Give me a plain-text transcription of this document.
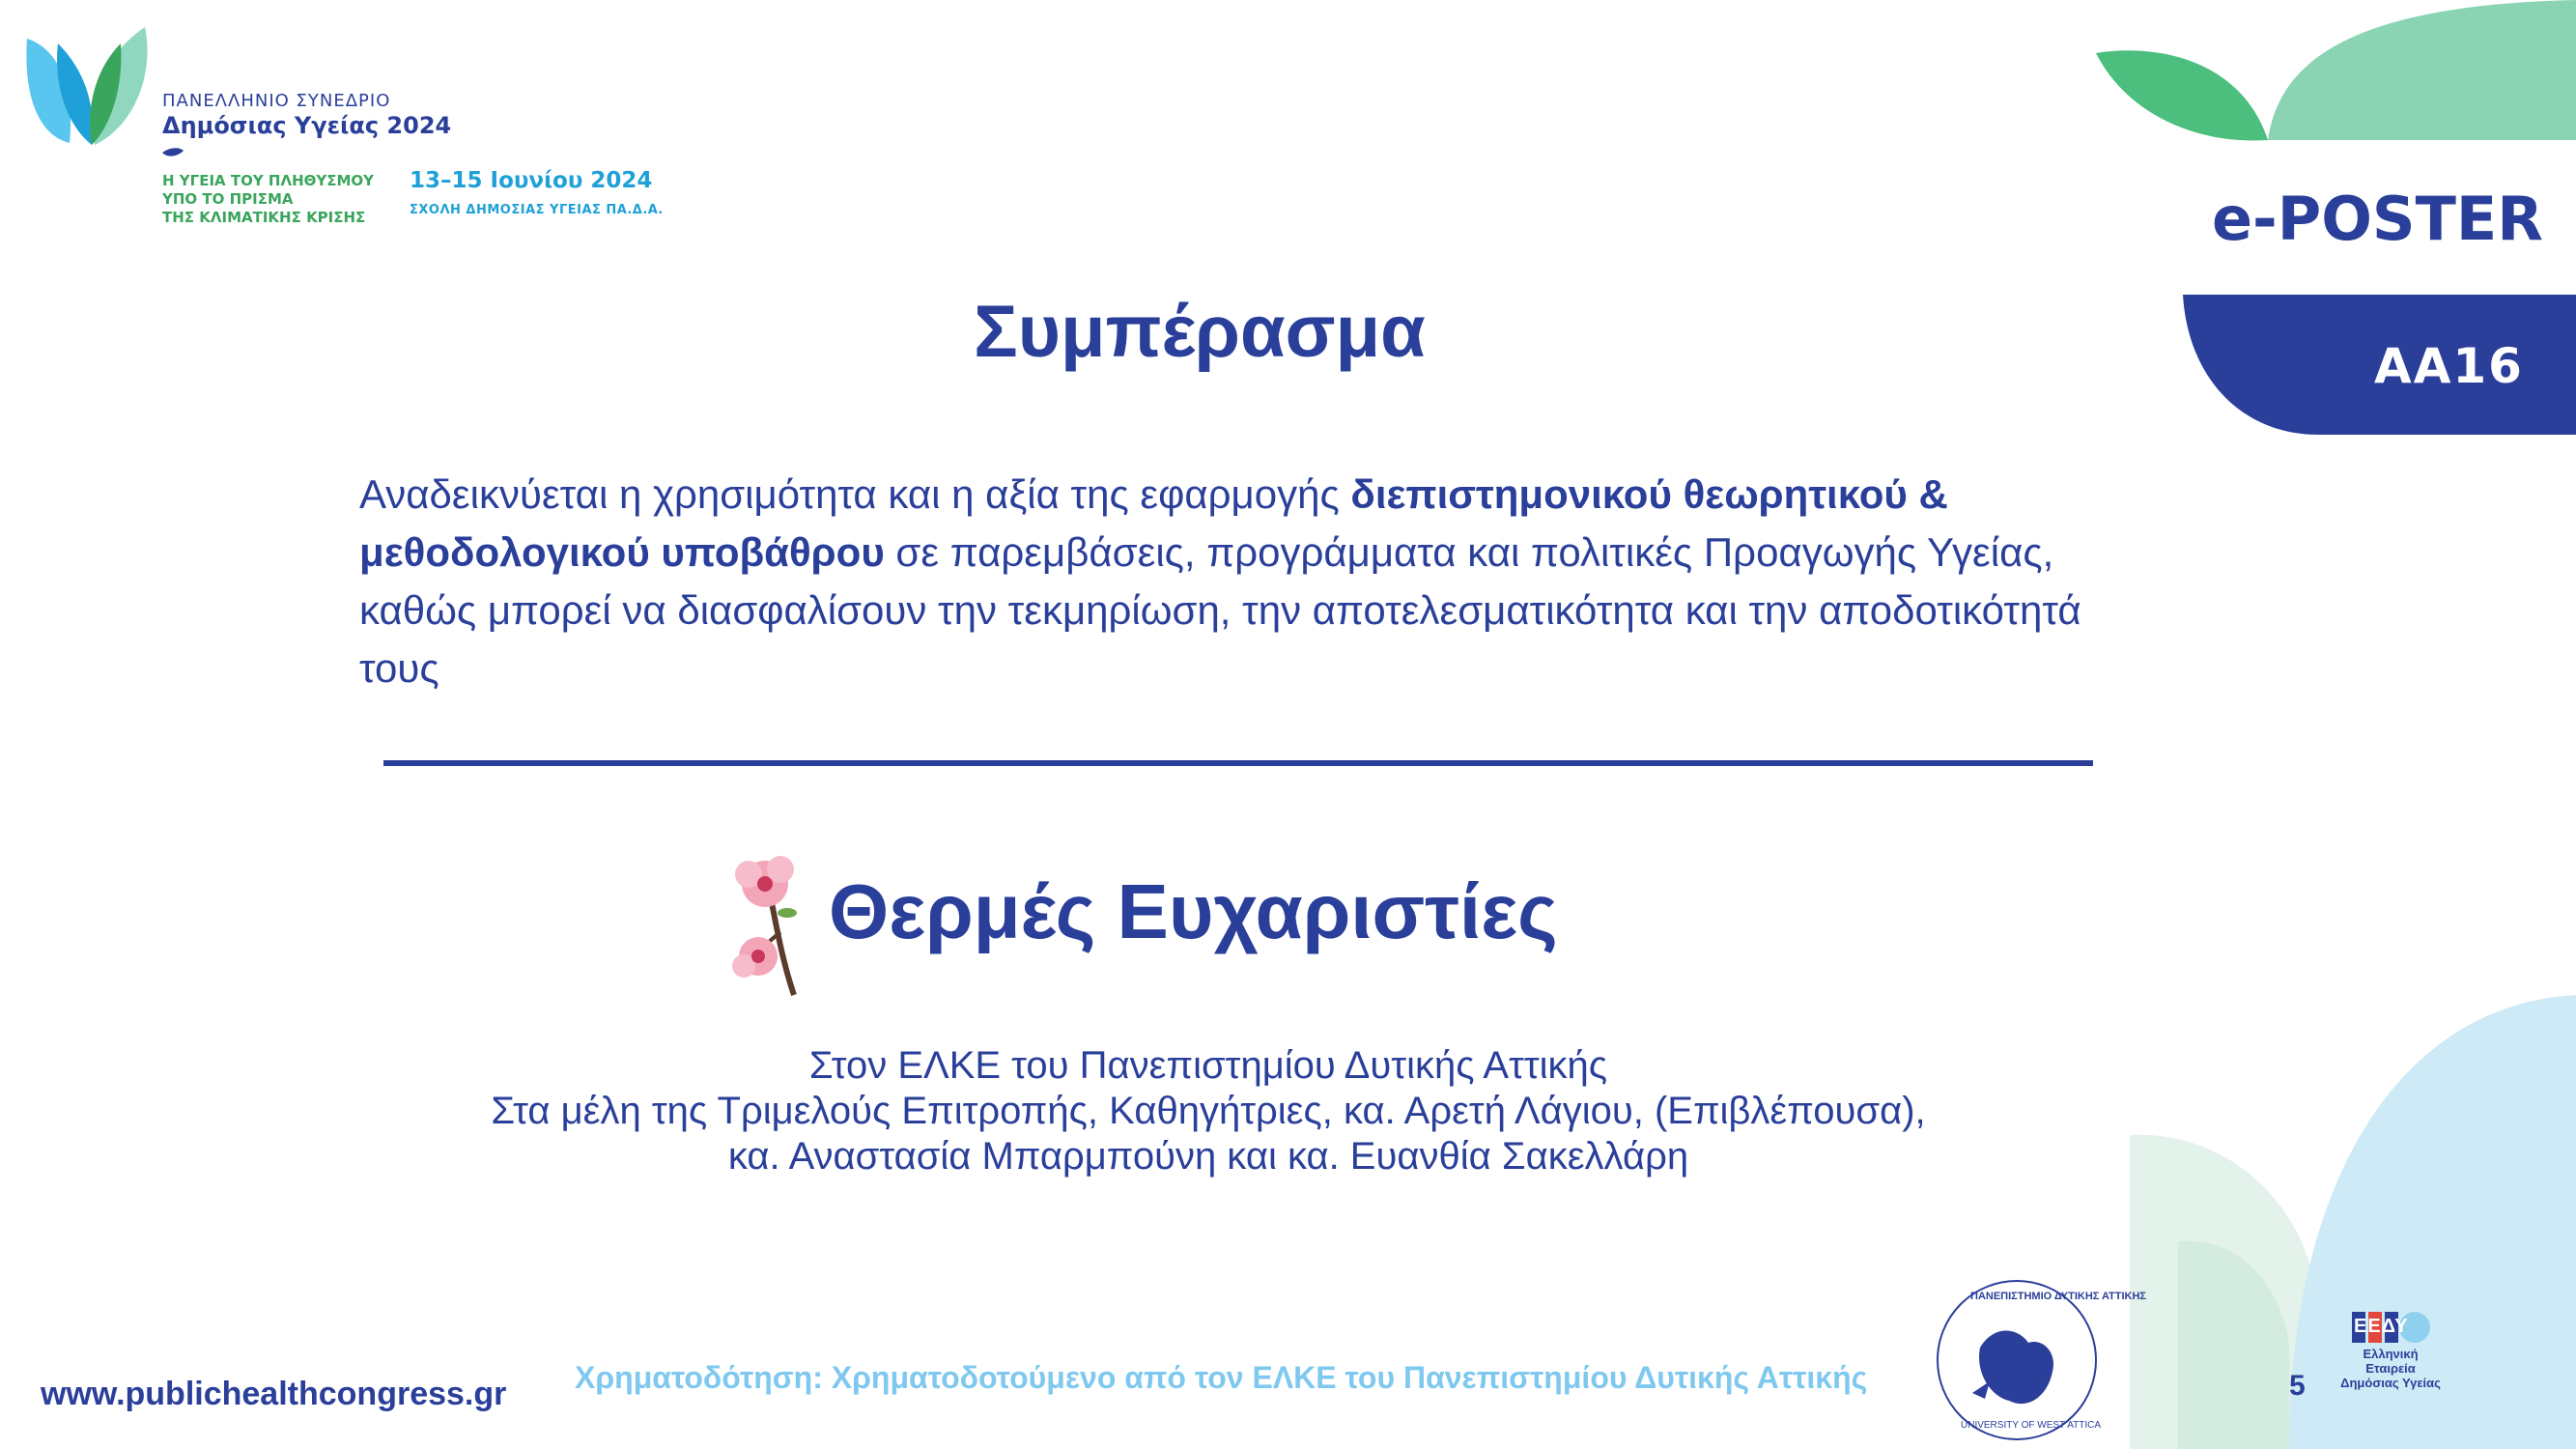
ΠΑΝΕΛΛΗΝΙΟ ΣΥΝΕΔΡΙΟ
Δημόσιας Υγείας 2024
Η ΥΓΕΙΑ ΤΟΥ ΠΛΗΘΥΣΜΟΥ
ΥΠΟ ΤΟ ΠΡΙΣΜΑ
ΤΗΣ ΚΛΙΜΑΤΙΚΗΣ ΚΡΙΣΗΣ
13–15 Ιουνίου 2024
ΣΧΟΛΗ ΔΗΜΟΣΙΑΣ ΥΓΕΙΑΣ ΠΑ.Δ.Α.	e-POSTER
AA16
Συμπέρασμα
Αναδεικνύεται η χρησιμότητα και η αξία της εφαρμογής διεπιστημονικού θεωρητικού & μεθοδολογικού υποβάθρου σε παρεμβάσεις, προγράμματα και πολιτικές Προαγωγής Υγείας, καθώς μπορεί να διασφαλίσουν την τεκμηρίωση, την αποτελεσματικότητα και την αποδοτικότητά τους
Θερμές Ευχαριστίες
Στον ΕΛΚΕ του Πανεπιστημίου Δυτικής Αττικής
Στα μέλη της Τριμελούς Επιτροπής, Καθηγήτριες, κα. Αρετή Λάγιου, (Επιβλέπουσα),
κα. Αναστασία Μπαρμπούνη και κα. Ευανθία Σακελλάρη
www.publichealthcongress.gr Χρηματοδότηση: Χρηματοδοτούμενο από τον ΕΛΚΕ του Πανεπιστημίου Δυτικής Αττικής	5
ΠΑΝΕΠΙΣΤΗΜΙΟ ΔΥΤΙΚΗΣ ΑΤΤΙΚΗΣ
UNIVERSITY OF WEST ATTICA
ΕΕΔΥ
Ελληνική Εταιρεία
Δημόσιας Υγείας
